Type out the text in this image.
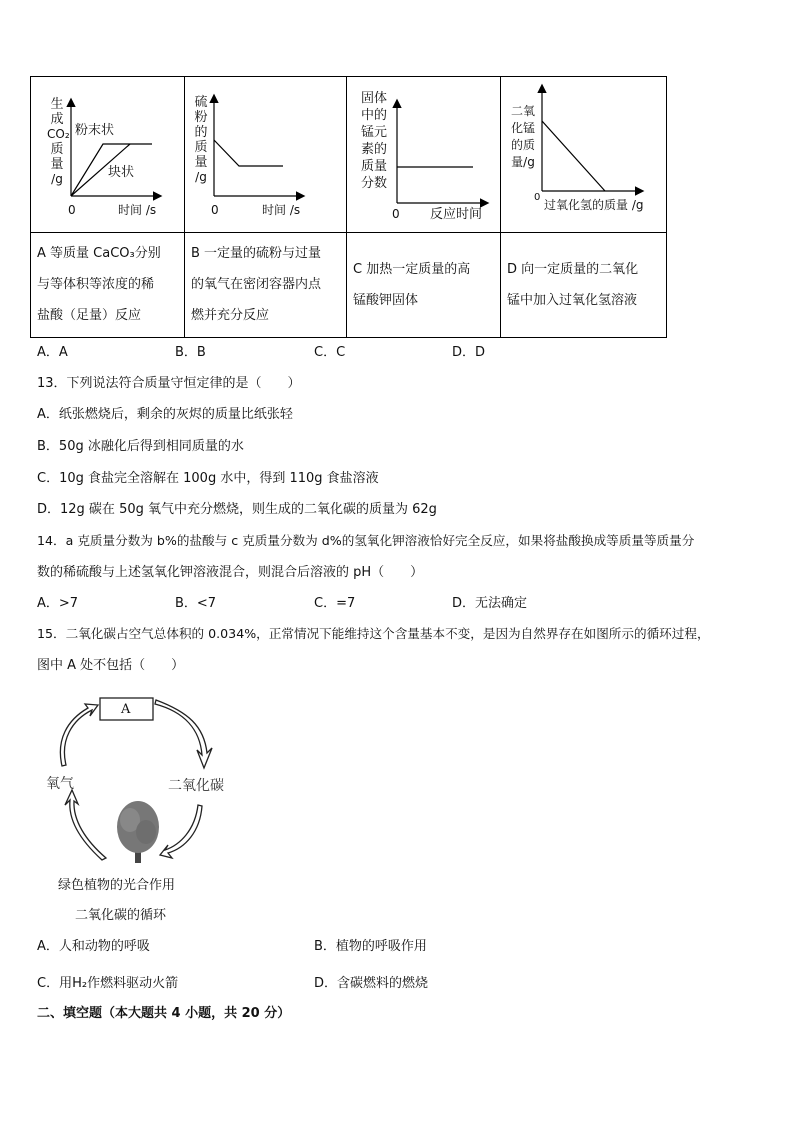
生
成
CO₂
质
量
/g
粉末状
块状
0	时间 /s
硫
粉
的
质
量
/g
0	时间 /s
固体
中的
锰元
素的
质量
分数
0 反应时间
二氧
化锰
的质
量/g
0
过氧化氢的质量 /g
A 等质量 CaCO₃分别
与等体积等浓度的稀
盐酸（足量）反应
B 一定量的硫粉与过量
的氧气在密闭容器内点
燃并充分反应
C 加热一定质量的高
锰酸钾固体
D 向一定质量的二氧化
锰中加入过氧化氢溶液
A．A	B．B	C．C	D．D
13．下列说法符合质量守恒定律的是（　　）
A．纸张燃烧后，剩余的灰烬的质量比纸张轻
B．50g 冰融化后得到相同质量的水
C．10g 食盐完全溶解在 100g 水中，得到 110g 食盐溶液
D．12g 碳在 50g 氧气中充分燃烧，则生成的二氧化碳的质量为 62g
14．a 克质量分数为 b%的盐酸与 c 克质量分数为 d%的氢氧化钾溶液恰好完全反应，如果将盐酸换成等质量等质量分
数的稀硫酸与上述氢氧化钾溶液混合，则混合后溶液的 pH（　　）
A．>7	B．<7	C．=7	D．无法确定
15．二氧化碳占空气总体积的 0.034%，正常情况下能维持这个含量基本不变，是因为自然界存在如图所示的循环过程，
图中 A 处不包括（　　）
A
氧气	二氧化碳
绿色植物的光合作用
二氧化碳的循环
A．人和动物的呼吸	B．植物的呼吸作用
C．用H₂作燃料驱动火箭	D．含碳燃料的燃烧
二、填空题（本大题共 4 小题，共 20 分）
